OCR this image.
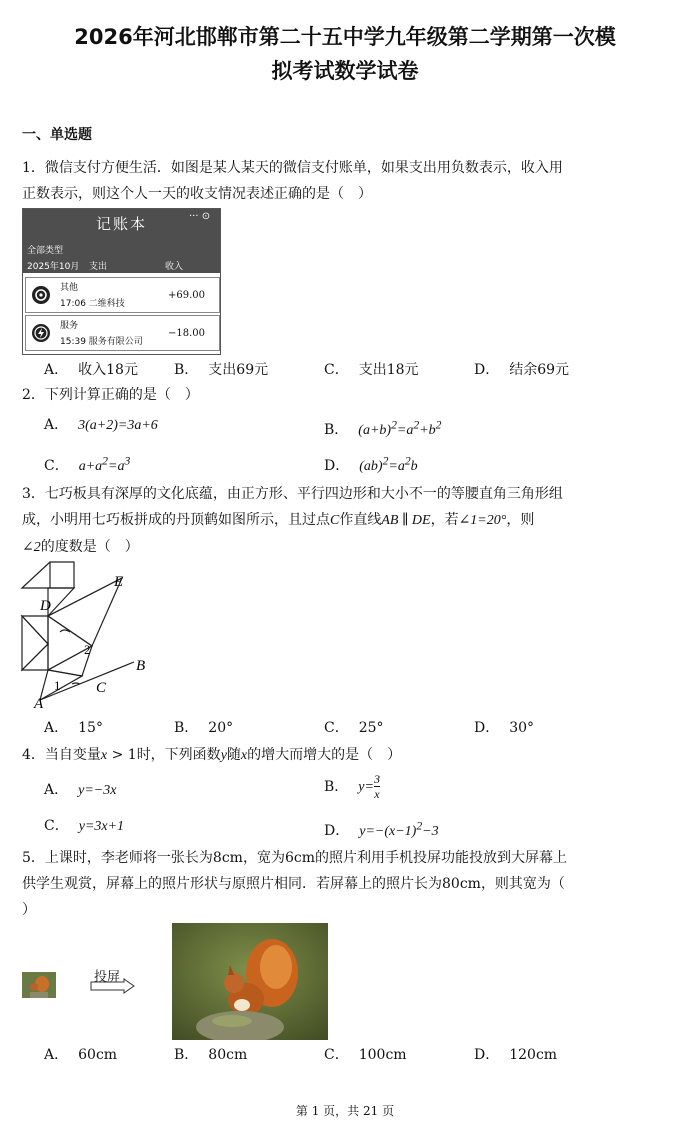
2026年河北邯郸市第二十五中学九年级第二学期第一次模
拟考试数学试卷
一、单选题
1．微信支付方便生活．如图是某人某天的微信支付账单，如果支出用负数表示，收入用
正数表示，则这个人一天的收支情况表述正确的是（　）
记账本	··· ⊙
全部类型
2025年10月 支出	收入
其他
17:06 二维科技
+69.00
服务
15:39 服务有限公司
−18.00
A． 收入18元	B． 支出69元	C． 支出18元	D． 结余69元
2．下列计算正确的是（　）
A． 3(a+2)=3a+6	B． $(a+b)^2=a^2+b^2$
C． $a+a^2=a^3$	D． $(ab)^2=a^2b$
3．七巧板具有深厚的文化底蕴，由正方形、平行四边形和大小不一的等腰直角三角形组
成，小明用七巧板拼成的丹顶鹤如图所示，且过点C作直线AB ∥ DE，若∠1=20°，则
∠2的度数是（　）
E
D
2
B
1 C
A
A． 15°	B． 20°	C． 25°	D． 30°
4．当自变量x > 1时，下列函数y随x的增大而增大的是（　）
A． y=−3x	B． $y= \frac{3}{x}$
C． y=3x+1	D． $y=-(x-1)^2-3$
5．上课时，李老师将一张长为8cm，宽为6cm的照片利用手机投屏功能投放到大屏幕上
供学生观赏，屏幕上的照片形状与原照片相同．若屏幕上的照片长为80cm，则其宽为（
）
投屏
A． 60cm	B． 80cm	C． 100cm	D． 120cm
第 1 页，共 21 页
